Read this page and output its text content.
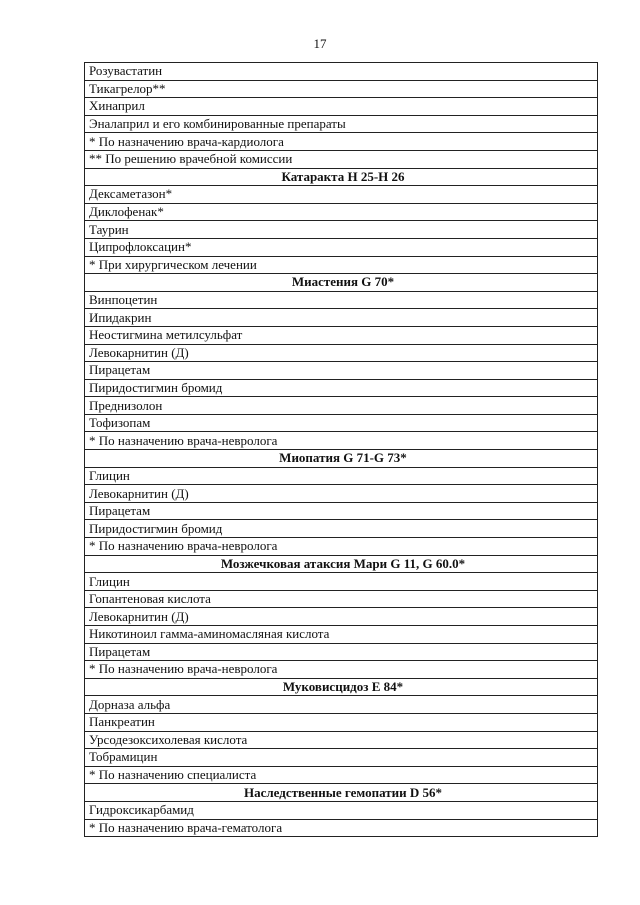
17
Розувастатин
Тикагрелор**
Хинаприл
Эналаприл и его комбинированные препараты
* По назначению врача-кардиолога
** По решению врачебной комиссии
Катаракта Н 25-Н 26
Дексаметазон*
Диклофенак*
Таурин
Ципрофлоксацин*
* При хирургическом лечении
Миастения G 70*
Винпоцетин
Ипидакрин
Неостигмина метилсульфат
Левокарнитин (Д)
Пирацетам
Пиридостигмин бромид
Преднизолон
Тофизопам
* По назначению врача-невролога
Миопатия G 71-G 73*
Глицин
Левокарнитин (Д)
Пирацетам
Пиридостигмин бромид
* По назначению врача-невролога
Мозжечковая атаксия Мари G 11, G 60.0*
Глицин
Гопантеновая кислота
Левокарнитин (Д)
Никотиноил гамма-аминомасляная кислота
Пирацетам
* По назначению врача-невролога
Муковисцидоз Е 84*
Дорназа альфа
Панкреатин
Урсодезоксихолевая кислота
Тобрамицин
* По назначению специалиста
Наследственные гемопатии D 56*
Гидроксикарбамид
* По назначению врача-гематолога
